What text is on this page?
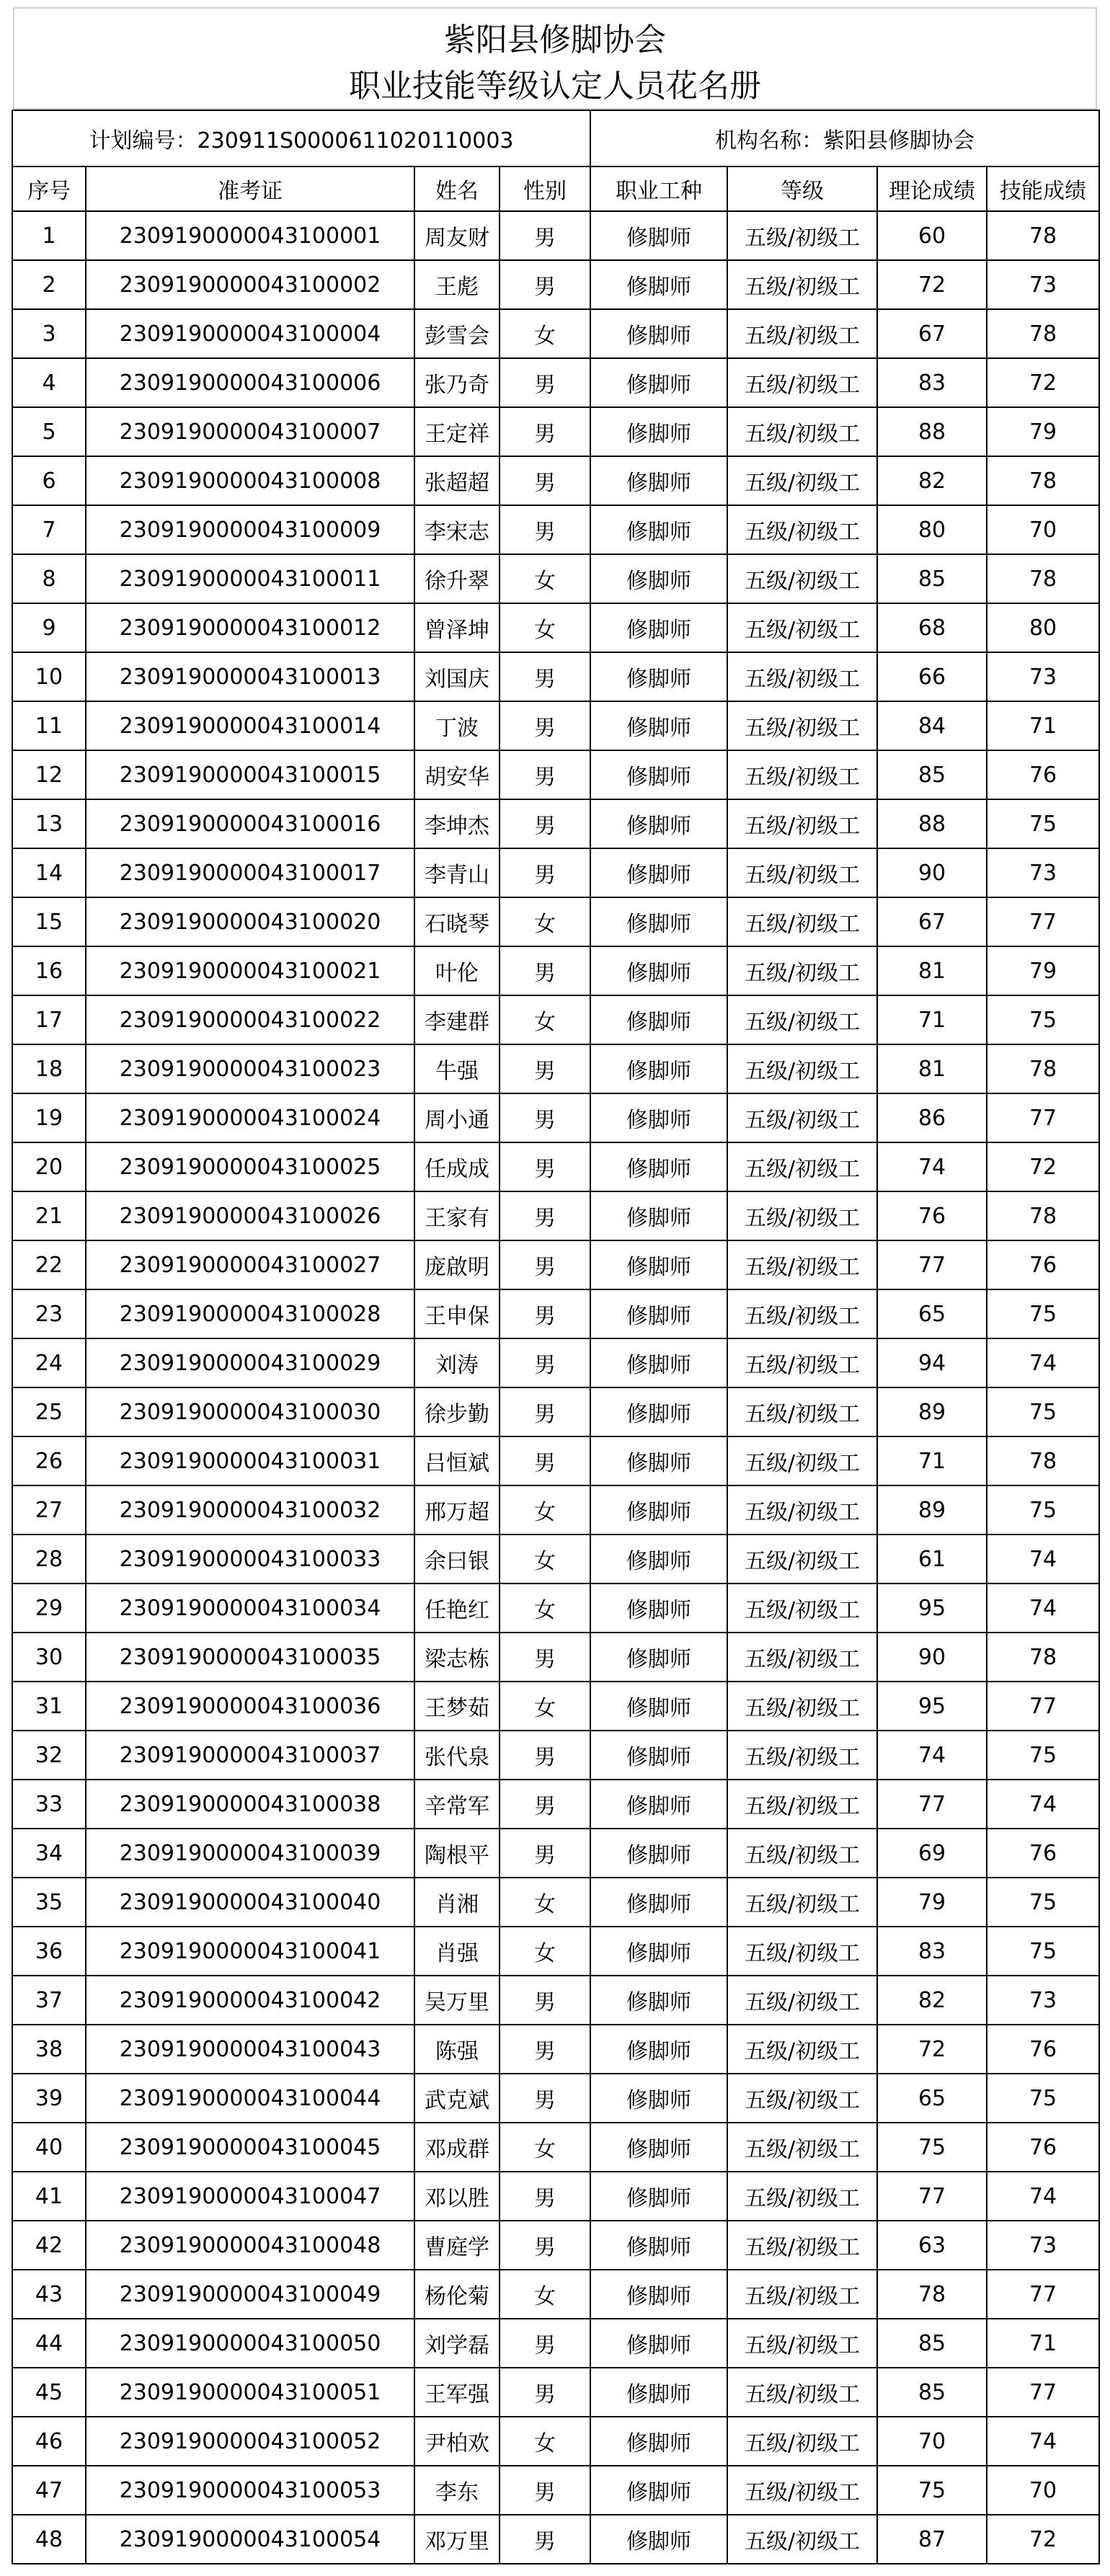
紫阳县修脚协会
职业技能等级认定人员花名册
计划编号：230911S0000611020110003				机构名称：紫阳县修脚协会			
序号	准考证	姓名	性别	职业工种	等级	理论成绩	技能成绩
1	2309190000043100001	周友财	男	修脚师	五级/初级工	60	78
2	2309190000043100002	王彪	男	修脚师	五级/初级工	72	73
3	2309190000043100004	彭雪会	女	修脚师	五级/初级工	67	78
4	2309190000043100006	张乃奇	男	修脚师	五级/初级工	83	72
5	2309190000043100007	王定祥	男	修脚师	五级/初级工	88	79
6	2309190000043100008	张超超	男	修脚师	五级/初级工	82	78
7	2309190000043100009	李宋志	男	修脚师	五级/初级工	80	70
8	2309190000043100011	徐升翠	女	修脚师	五级/初级工	85	78
9	2309190000043100012	曾泽坤	女	修脚师	五级/初级工	68	80
10	2309190000043100013	刘国庆	男	修脚师	五级/初级工	66	73
11	2309190000043100014	丁波	男	修脚师	五级/初级工	84	71
12	2309190000043100015	胡安华	男	修脚师	五级/初级工	85	76
13	2309190000043100016	李坤杰	男	修脚师	五级/初级工	88	75
14	2309190000043100017	李青山	男	修脚师	五级/初级工	90	73
15	2309190000043100020	石晓琴	女	修脚师	五级/初级工	67	77
16	2309190000043100021	叶伦	男	修脚师	五级/初级工	81	79
17	2309190000043100022	李建群	女	修脚师	五级/初级工	71	75
18	2309190000043100023	牛强	男	修脚师	五级/初级工	81	78
19	2309190000043100024	周小通	男	修脚师	五级/初级工	86	77
20	2309190000043100025	任成成	男	修脚师	五级/初级工	74	72
21	2309190000043100026	王家有	男	修脚师	五级/初级工	76	78
22	2309190000043100027	庞啟明	男	修脚师	五级/初级工	77	76
23	2309190000043100028	王申保	男	修脚师	五级/初级工	65	75
24	2309190000043100029	刘涛	男	修脚师	五级/初级工	94	74
25	2309190000043100030	徐步勤	男	修脚师	五级/初级工	89	75
26	2309190000043100031	吕恒斌	男	修脚师	五级/初级工	71	78
27	2309190000043100032	邢万超	女	修脚师	五级/初级工	89	75
28	2309190000043100033	余曰银	女	修脚师	五级/初级工	61	74
29	2309190000043100034	任艳红	女	修脚师	五级/初级工	95	74
30	2309190000043100035	梁志栋	男	修脚师	五级/初级工	90	78
31	2309190000043100036	王梦茹	女	修脚师	五级/初级工	95	77
32	2309190000043100037	张代泉	男	修脚师	五级/初级工	74	75
33	2309190000043100038	辛常军	男	修脚师	五级/初级工	77	74
34	2309190000043100039	陶根平	男	修脚师	五级/初级工	69	76
35	2309190000043100040	肖湘	女	修脚师	五级/初级工	79	75
36	2309190000043100041	肖强	女	修脚师	五级/初级工	83	75
37	2309190000043100042	吴万里	男	修脚师	五级/初级工	82	73
38	2309190000043100043	陈强	男	修脚师	五级/初级工	72	76
39	2309190000043100044	武克斌	男	修脚师	五级/初级工	65	75
40	2309190000043100045	邓成群	女	修脚师	五级/初级工	75	76
41	2309190000043100047	邓以胜	男	修脚师	五级/初级工	77	74
42	2309190000043100048	曹庭学	男	修脚师	五级/初级工	63	73
43	2309190000043100049	杨伦菊	女	修脚师	五级/初级工	78	77
44	2309190000043100050	刘学磊	男	修脚师	五级/初级工	85	71
45	2309190000043100051	王军强	男	修脚师	五级/初级工	85	77
46	2309190000043100052	尹柏欢	女	修脚师	五级/初级工	70	74
47	2309190000043100053	李东	男	修脚师	五级/初级工	75	70
48	2309190000043100054	邓万里	男	修脚师	五级/初级工	87	72
